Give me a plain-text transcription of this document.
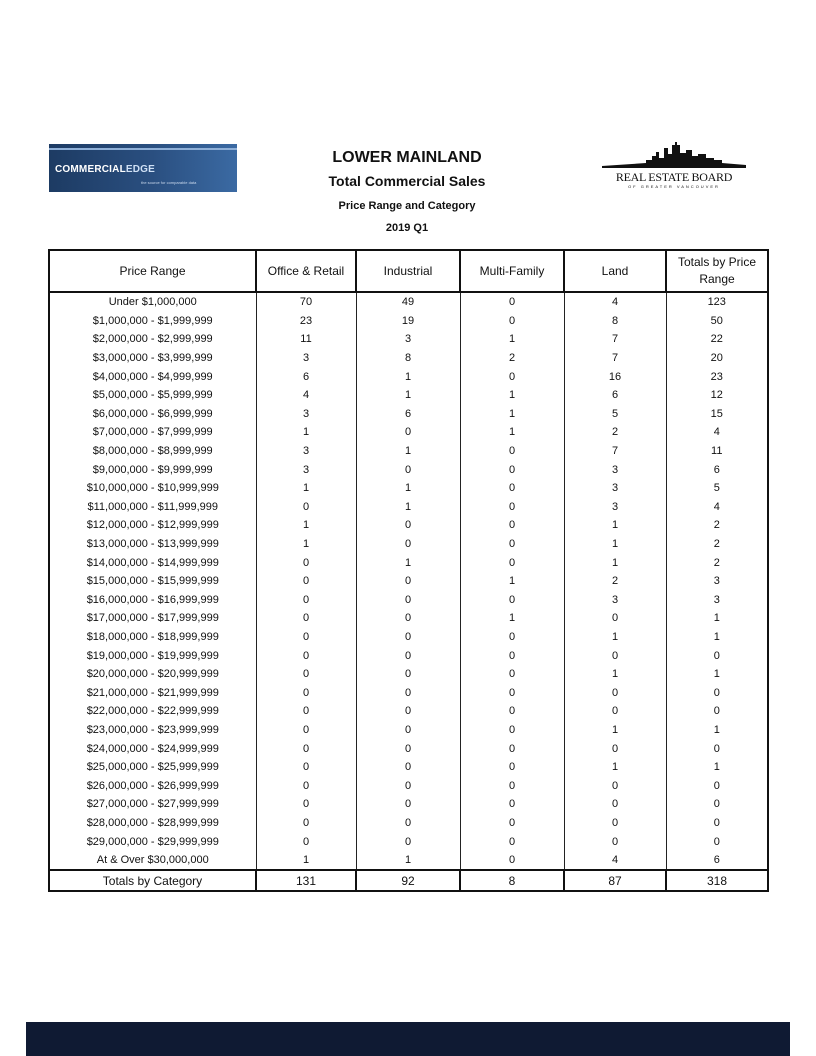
COMMERCIALEDGE
the source for comparable data
LOWER MAINLAND
Total Commercial Sales
Price Range and Category
2019 Q1
REAL ESTATE BOARD
OF GREATER VANCOUVER
Price Range	Office & Retail	Industrial	Multi-Family	Land	Totals by Price Range
Under $1,000,000	70	49	0	4	123
$1,000,000 - $1,999,999	23	19	0	8	50
$2,000,000 - $2,999,999	11	3	1	7	22
$3,000,000 - $3,999,999	3	8	2	7	20
$4,000,000 - $4,999,999	6	1	0	16	23
$5,000,000 - $5,999,999	4	1	1	6	12
$6,000,000 - $6,999,999	3	6	1	5	15
$7,000,000 - $7,999,999	1	0	1	2	4
$8,000,000 - $8,999,999	3	1	0	7	11
$9,000,000 - $9,999,999	3	0	0	3	6
$10,000,000 - $10,999,999	1	1	0	3	5
$11,000,000 - $11,999,999	0	1	0	3	4
$12,000,000 - $12,999,999	1	0	0	1	2
$13,000,000 - $13,999,999	1	0	0	1	2
$14,000,000 - $14,999,999	0	1	0	1	2
$15,000,000 - $15,999,999	0	0	1	2	3
$16,000,000 - $16,999,999	0	0	0	3	3
$17,000,000 - $17,999,999	0	0	1	0	1
$18,000,000 - $18,999,999	0	0	0	1	1
$19,000,000 - $19,999,999	0	0	0	0	0
$20,000,000 - $20,999,999	0	0	0	1	1
$21,000,000 - $21,999,999	0	0	0	0	0
$22,000,000 - $22,999,999	0	0	0	0	0
$23,000,000 - $23,999,999	0	0	0	1	1
$24,000,000 - $24,999,999	0	0	0	0	0
$25,000,000 - $25,999,999	0	0	0	1	1
$26,000,000 - $26,999,999	0	0	0	0	0
$27,000,000 - $27,999,999	0	0	0	0	0
$28,000,000 - $28,999,999	0	0	0	0	0
$29,000,000 - $29,999,999	0	0	0	0	0
At & Over $30,000,000	1	1	0	4	6
Totals by Category	131	92	8	87	318
